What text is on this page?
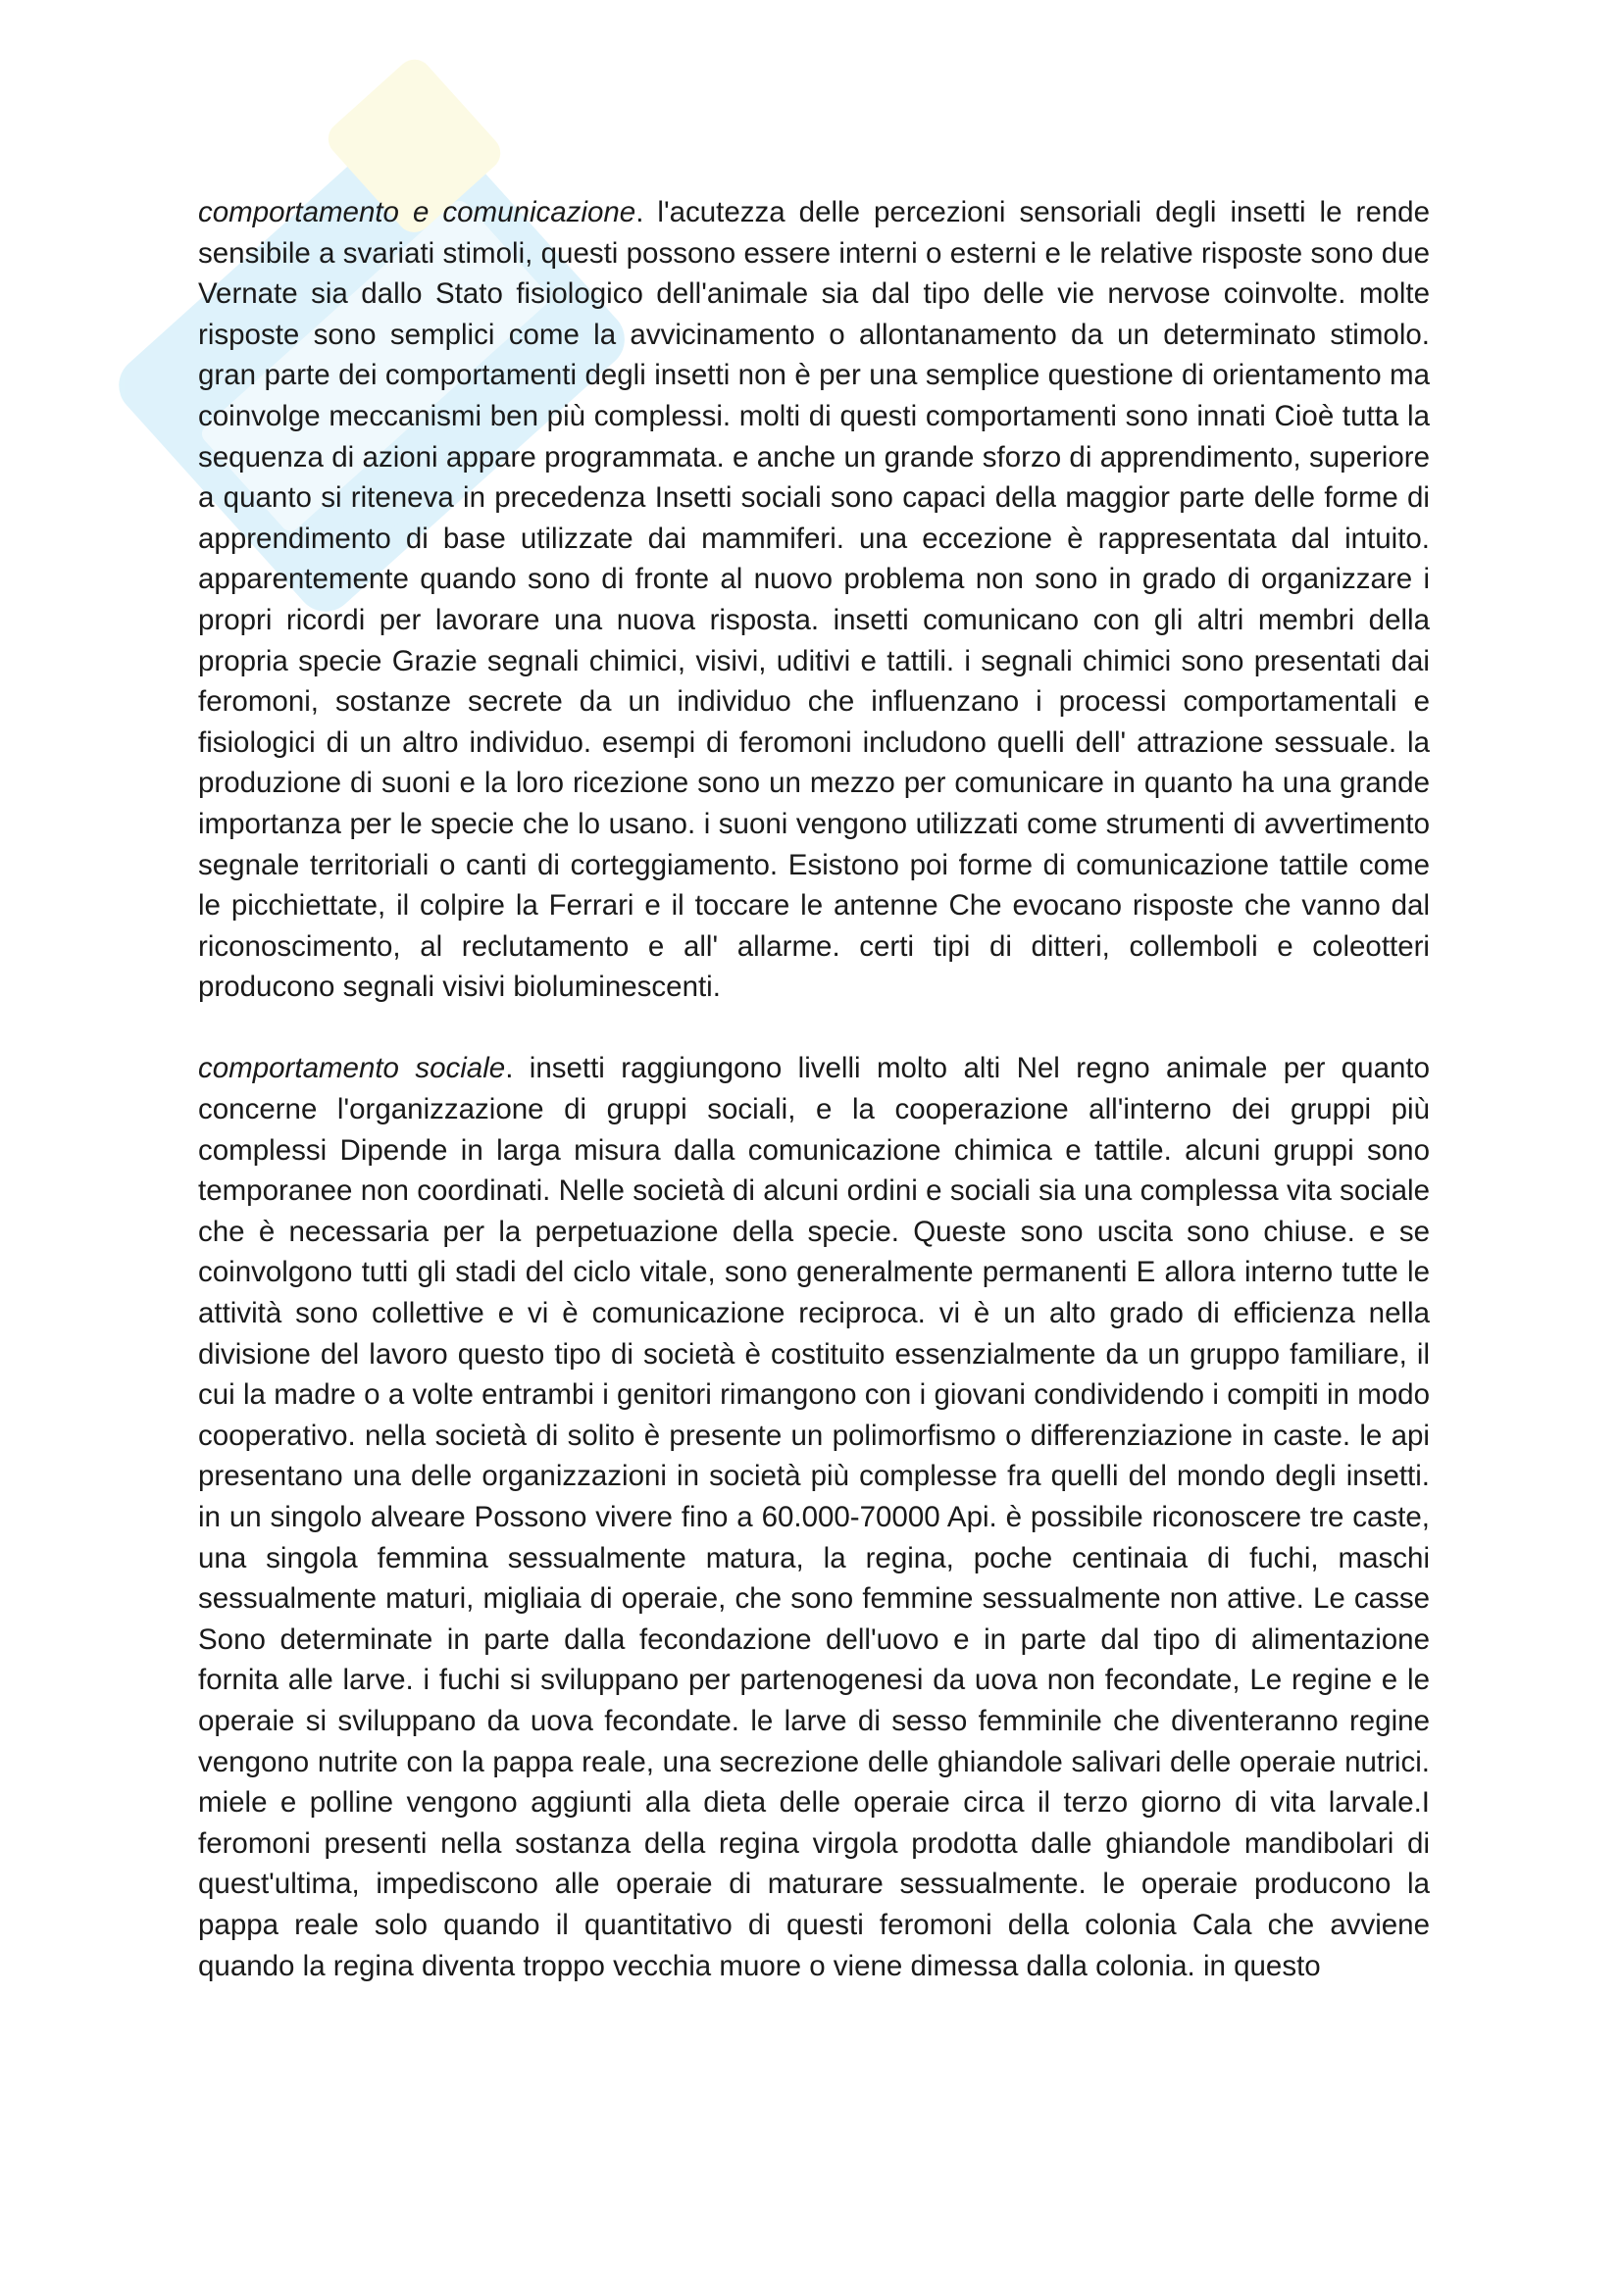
comportamento e comunicazione. l'acutezza delle percezioni sensoriali degli insetti le rende sensibile a svariati stimoli, questi possono essere interni o esterni e le relative risposte sono due Vernate sia dallo Stato fisiologico dell'animale sia dal tipo delle vie nervose coinvolte. molte risposte sono semplici come la avvicinamento o allontanamento da un determinato stimolo. gran parte dei comportamenti degli insetti non è per una semplice questione di orientamento ma coinvolge meccanismi ben più complessi. molti di questi comportamenti sono innati Cioè tutta la sequenza di azioni appare programmata. e anche un grande sforzo di apprendimento, superiore a quanto si riteneva in precedenza Insetti sociali sono capaci della maggior parte delle forme di apprendimento di base utilizzate dai mammiferi. una eccezione è rappresentata dal intuito. apparentemente quando sono di fronte al nuovo problema non sono in grado di organizzare i propri ricordi per lavorare una nuova risposta. insetti comunicano con gli altri membri della propria specie Grazie segnali chimici, visivi, uditivi e tattili. i segnali chimici sono presentati dai feromoni, sostanze secrete da un individuo che influenzano i processi comportamentali e fisiologici di un altro individuo. esempi di feromoni includono quelli dell' attrazione sessuale. la produzione di suoni e la loro ricezione sono un mezzo per comunicare in quanto ha una grande importanza per le specie che lo usano. i suoni vengono utilizzati come strumenti di avvertimento segnale territoriali o canti di corteggiamento. Esistono poi forme di comunicazione tattile come le picchiettate, il colpire la Ferrari e il toccare le antenne Che evocano risposte che vanno dal riconoscimento, al reclutamento e all' allarme. certi tipi di ditteri, collemboli e coleotteri producono segnali visivi bioluminescenti.

comportamento sociale. insetti raggiungono livelli molto alti Nel regno animale per quanto concerne l'organizzazione di gruppi sociali, e la cooperazione all'interno dei gruppi più complessi Dipende in larga misura dalla comunicazione chimica e tattile. alcuni gruppi sono temporanee non coordinati. Nelle società di alcuni ordini e sociali sia una complessa vita sociale che è necessaria per la perpetuazione della specie. Queste sono uscita sono chiuse. e se coinvolgono tutti gli stadi del ciclo vitale, sono generalmente permanenti E allora interno tutte le attività sono collettive e vi è comunicazione reciproca. vi è un alto grado di efficienza nella divisione del lavoro questo tipo di società è costituito essenzialmente da un gruppo familiare, il cui la madre o a volte entrambi i genitori rimangono con i giovani condividendo i compiti in modo cooperativo. nella società di solito è presente un polimorfismo o differenziazione in caste. le api presentano una delle organizzazioni in società più complesse fra quelli del mondo degli insetti. in un singolo alveare Possono vivere fino a 60.000-70000 Api. è possibile riconoscere tre caste, una singola femmina sessualmente matura, la regina, poche centinaia di fuchi, maschi sessualmente maturi, migliaia di operaie, che sono femmine sessualmente non attive. Le casse Sono determinate in parte dalla fecondazione dell'uovo e in parte dal tipo di alimentazione fornita alle larve. i fuchi si sviluppano per partenogenesi da uova non fecondate, Le regine e le operaie si sviluppano da uova fecondate. le larve di sesso femminile che diventeranno regine vengono nutrite con la pappa reale, una secrezione delle ghiandole salivari delle operaie nutrici. miele e polline vengono aggiunti alla dieta delle operaie circa il terzo giorno di vita larvale.I feromoni presenti nella sostanza della regina virgola prodotta dalle ghiandole mandibolari di quest'ultima, impediscono alle operaie di maturare sessualmente. le operaie producono la pappa reale solo quando il quantitativo di questi feromoni della colonia Cala che avviene quando la regina diventa troppo vecchia muore o viene dimessa dalla colonia. in questo
